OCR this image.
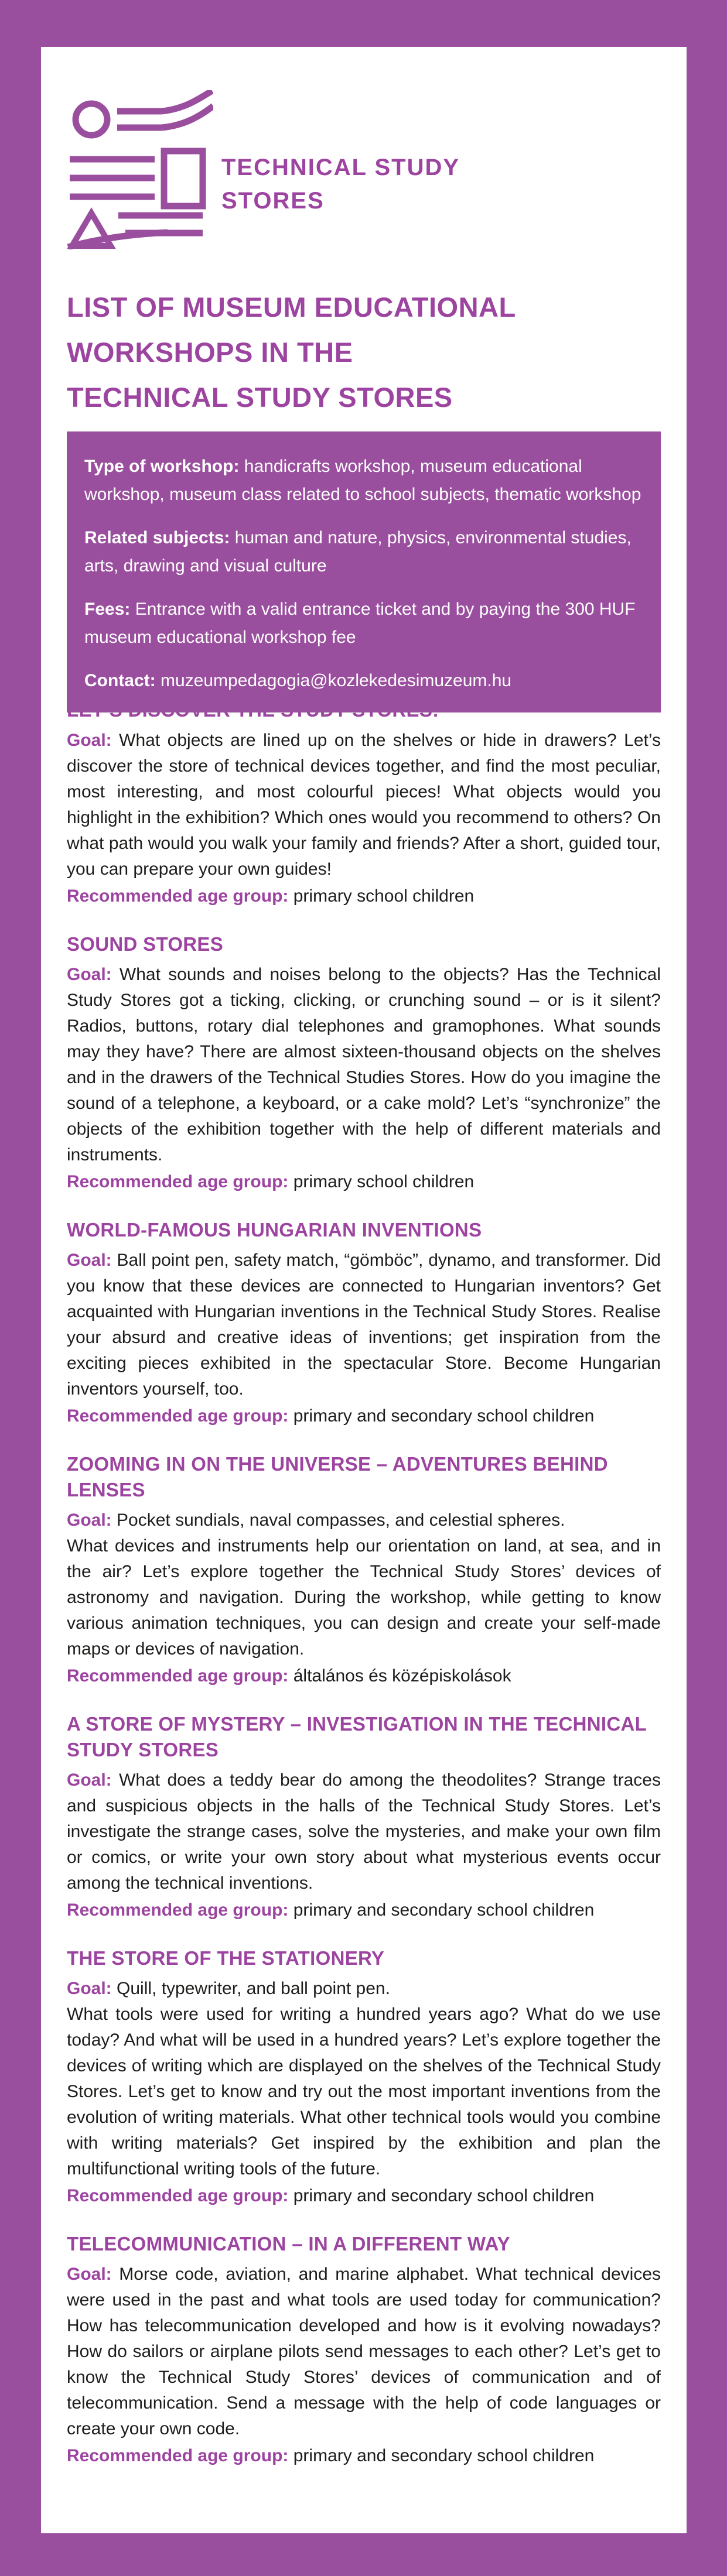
TECHNICAL STUDY
STORES
LIST OF MUSEUM EDUCATIONAL
WORKSHOPS IN THE
TECHNICAL STUDY STORES

Type of workshop: handicrafts workshop, museum educational workshop, museum class related to school subjects, thematic workshop

Related subjects: human and nature, physics, environmental studies, arts, drawing and visual culture

Fees: Entrance with a valid entrance ticket and by paying the 300 HUF museum educational workshop fee

Contact: muzeumpedagogia@kozlekedesimuzeum.hu

Goal: What objects are lined up on the shelves or hide in drawers? Let’s discover the store of technical devices together, and find the most peculiar, most interesting, and most colourful pieces! What objects would you highlight in the exhibition? Which ones would you recommend to others? On what path would you walk your family and friends? After a short, guided tour, you can prepare your own guides!

Recommended age group: primary school children

SOUND STORES

Goal: What sounds and noises belong to the objects? Has the Technical Study Stores got a ticking, clicking, or crunching sound – or is it silent? Radios, buttons, rotary dial telephones and gramophones. What sounds may they have? There are almost sixteen-thousand objects on the shelves and in the drawers of the Technical Studies Stores. How do you imagine the sound of a telephone, a keyboard, or a cake mold? Let’s “synchronize” the objects of the exhibition together with the help of different materials and instruments.

Recommended age group: primary school children

WORLD-FAMOUS HUNGARIAN INVENTIONS

Goal: Ball point pen, safety match, “gömböc”, dynamo, and transformer. Did you know that these devices are connected to Hungarian inventors? Get acquainted with Hungarian inventions in the Technical Study Stores. Realise your absurd and creative ideas of inventions; get inspiration from the exciting pieces exhibited in the spectacular Store. Become Hungarian inventors yourself, too.

Recommended age group: primary and secondary school children

ZOOMING IN ON THE UNIVERSE – ADVENTURES BEHIND LENSES

Goal: Pocket sundials, naval compasses, and celestial spheres.

What devices and instruments help our orientation on land, at sea, and in the air? Let’s explore together the Technical Study Stores’ devices of astronomy and navigation. During the workshop, while getting to know various animation techniques, you can design and create your self-made maps or devices of navigation.

Recommended age group: általános és középiskolások

A STORE OF MYSTERY – INVESTIGATION IN THE TECHNICAL STUDY STORES

Goal: What does a teddy bear do among the theodolites? Strange traces and suspicious objects in the halls of the Technical Study Stores. Let’s investigate the strange cases, solve the mysteries, and make your own film or comics, or write your own story about what mysterious events occur among the technical inventions.

Recommended age group: primary and secondary school children

THE STORE OF THE STATIONERY

Goal: Quill, typewriter, and ball point pen.

What tools were used for writing a hundred years ago? What do we use today? And what will be used in a hundred years? Let’s explore together the devices of writing which are displayed on the shelves of the Technical Study Stores. Let’s get to know and try out the most important inventions from the evolution of writing materials. What other technical tools would you combine with writing materials? Get inspired by the exhibition and plan the multifunctional writing tools of the future.

Recommended age group: primary and secondary school children

TELECOMMUNICATION – IN A DIFFERENT WAY

Goal: Morse code, aviation, and marine alphabet. What technical devices were used in the past and what tools are used today for communication? How has telecommunication developed and how is it evolving nowadays? How do sailors or airplane pilots send messages to each other? Let’s get to know the Technical Study Stores’ devices of communication and of telecommunication. Send a message with the help of code languages or create your own code.

Recommended age group: primary and secondary school children
